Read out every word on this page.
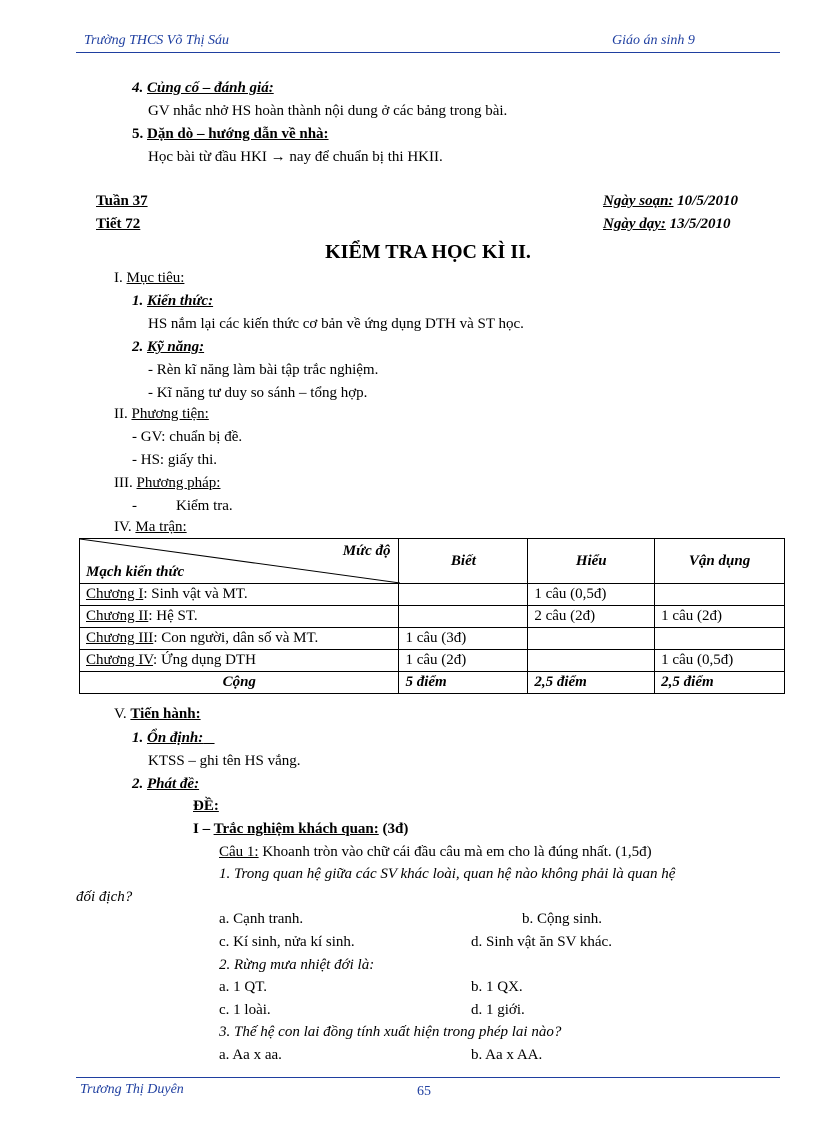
Trường THCS Võ Thị Sáu	Giáo án sinh 9
4. Củng cố – đánh giá:
GV nhắc nhở HS hoàn thành nội dung ở các bảng trong bài.
5. Dặn dò – hướng dẫn về nhà:
Học bài từ đầu HKI → nay để chuẩn bị thi HKII.
Tuần 37
Tiết 72
Ngày soạn: 10/5/2010
Ngày dạy: 13/5/2010
KIỂM TRA HỌC KÌ II.
I. Mục tiêu:
1. Kiến thức:
HS nắm lại các kiến thức cơ bản về ứng dụng DTH và ST học.
2. Kỹ năng:
- Rèn kĩ năng làm bài tập trắc nghiệm.
- Kĩ năng tư duy so sánh – tổng hợp.
II. Phương tiện:
- GV: chuẩn bị đề.
- HS: giấy thi.
III. Phương pháp:
-	Kiểm tra.
IV. Ma trận:
Mức độ
Mạch kiến thức	Biết	Hiểu	Vận dụng
Chương I: Sinh vật và MT.		1 câu (0,5đ)	
Chương II: Hệ ST.		2 câu (2đ)	1 câu (2đ)
Chương III: Con người, dân số và MT.	1 câu (3đ)		
Chương IV: Ứng dụng DTH	1 câu (2đ)		1 câu (0,5đ)
Cộng	5 điểm	2,5 điểm	2,5 điểm
V. Tiến hành:
1. Ổn định:
KTSS – ghi tên HS vắng.
2. Phát đề:
ĐỀ:
I – Trắc nghiệm khách quan: (3đ)
Câu 1: Khoanh tròn vào chữ cái đầu câu mà em cho là đúng nhất. (1,5đ)
1. Trong quan hệ giữa các SV khác loài, quan hệ nào không phải là quan hệ
đối địch?
a. Cạnh tranh.	b. Cộng sinh.
c. Kí sinh, nửa kí sinh.	d. Sinh vật ăn SV khác.
2. Rừng mưa nhiệt đới là:
a. 1 QT.	b. 1 QX.
c. 1 loài.	d. 1 giới.
3. Thế hệ con lai đồng tính xuất hiện trong phép lai nào?
a. Aa x aa.	b. Aa x AA.
Trương Thị Duyên	65
